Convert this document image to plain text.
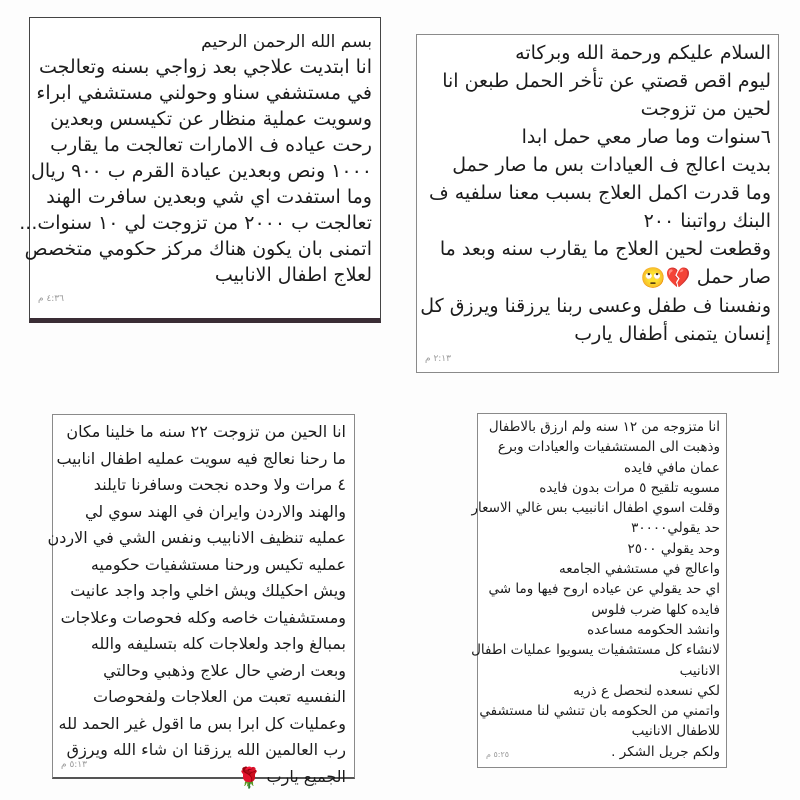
بسم الله الرحمن الرحيم
انا ابتديت علاجي بعد زواجي بسنه وتعالجت
في مستشفي سناو وحولني مستشفي ابراء
وسويت عملية منظار عن تكيسس وبعدين
رحت عياده ف الامارات تعالجت ما يقارب
١٠٠٠ ونص وبعدين عيادة القرم ب ٩٠٠ ريال
وما استفدت اي شي وبعدين سافرت الهند
تعالجت ب ٢٠٠٠ من تزوجت لي ١٠ سنوات...
اتمنى بان يكون هناك مركز حكومي متخصص
لعلاج اطفال الانابيب
٤:٣٦ م
السلام عليكم ورحمة الله وبركاته
ليوم اقص قصتي عن تأخر الحمل طبعن انا
لحين من تزوجت
٦سنوات وما صار معي حمل ابدا
بديت اعالج ف العيادات بس ما صار حمل
وما قدرت اكمل العلاج بسبب معنا سلفيه ف
البنك رواتبنا ٢٠٠
وقطعت لحين العلاج ما يقارب سنه وبعد ما
صار حمل 💔🙄
ونفسنا ف طفل وعسى ربنا يرزقنا ويرزق كل
إنسان يتمنى أطفال يارب
٢:١٣ م
انا الحين من تزوجت ٢٢ سنه ما خلينا مكان
ما رحنا نعالج فيه سويت عمليه اطفال انابيب
٤ مرات ولا وحده نجحت وسافرنا تايلند
والهند والاردن وايران في الهند سوي لي
عمليه تنظيف الانابيب ونفس الشي في الاردن
عمليه تكيس ورحنا مستشفيات حكوميه
ويش احكيلك ويش اخلي واجد واجد عانيت
ومستشفيات خاصه وكله فحوصات وعلاجات
بمبالغ واجد ولعلاجات كله بتسليفه والله
وبعت ارضي حال علاج وذهبي وحالتي
النفسيه تعبت من العلاجات ولفحوصات
وعمليات كل ابرا بس ما اقول غير الحمد لله
رب العالمين الله يرزقنا ان شاء الله ويرزق
الجميع يارب 🌹
٥:١٣ م
انا متزوجه من ١٢ سنه ولم ارزق بالاطفال
وذهبت الى المستشفيات والعيادات وبرع
عمان مافي فايده
مسويه تلقيح ٥ مرات بدون فايده
وقلت اسوي اطفال انانبيب بس غالي الاسعار
حد يقولي٣٠٠٠٠
وحد يقولي ٢٥٠٠
واعالج في مستشفي الجامعه
اي حد يقولي عن عياده اروح فيها وما شي
فايده كلها ضرب فلوس
وانشد الحكومه مساعده
لانشاء كل مستشفيات يسويوا عمليات اطفال
الانانيب
لكي نسعده لنحصل ع ذريه
واتمني من الحكومه بان تنشي لنا مستشفي
للاطفال الانانيب
ولكم جريل الشكر .
٥:٢٥ م
